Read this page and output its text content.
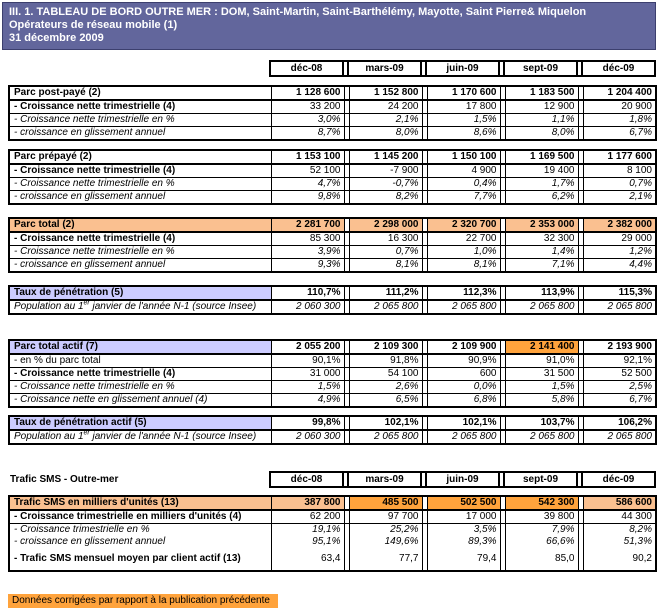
III. 1. TABLEAU DE BORD OUTRE MER : DOM, Saint-Martin, Saint-Barthélémy, Mayotte, Saint Pierre& Miquelon
Opérateurs de réseau mobile (1)
31 décembre 2009
	déc-08		mars-09		juin-09		sept-09		déc-09
Parc post-payé (2)	1 128 600		1 152 800		1 170 600		1 183 500		1 204 400
- Croissance nette trimestrielle (4)	33 200		24 200		17 800		12 900		20 900
- Croissance nette trimestrielle en %	3,0%		2,1%		1,5%		1,1%		1,8%
- croissance en glissement annuel	8,7%		8,0%		8,6%		8,0%		6,7%
Parc prépayé (2)	1 153 100		1 145 200		1 150 100		1 169 500		1 177 600
- Croissance nette trimestrielle (4)	52 100		-7 900		4 900		19 400		8 100
- Croissance nette trimestrielle en %	4,7%		-0,7%		0,4%		1,7%		0,7%
- croissance en glissement annuel	9,8%		8,2%		7,7%		6,2%		2,1%
Parc total (2)	2 281 700		2 298 000		2 320 700		2 353 000		2 382 000
- Croissance nette trimestrielle (4)	85 300		16 300		22 700		32 300		29 000
- Croissance nette trimestrielle en %	3,9%		0,7%		1,0%		1,4%		1,2%
- croissance en glissement annuel	9,3%		8,1%		8,1%		7,1%		4,4%
Taux de pénétration (5)	110,7%		111,2%		112,3%		113,9%		115,3%
Population au 1er janvier de l'année N-1 (source Insee)	2 060 300		2 065 800		2 065 800		2 065 800		2 065 800
Parc total actif (7)	2 055 200		2 109 300		2 109 900		2 141 400		2 193 900
- en % du parc total	90,1%		91,8%		90,9%		91,0%		92,1%
- Croissance nette trimestrielle (4)	31 000		54 100		600		31 500		52 500
- Croissance nette trimestrielle en %	1,5%		2,6%		0,0%		1,5%		2,5%
- Croissance nette en glissement annuel (4)	4,9%		6,5%		6,8%		5,8%		6,7%
Taux de pénétration actif (5)	99,8%		102,1%		102,1%		103,7%		106,2%
Population au 1er janvier de l'année N-1 (source Insee)	2 060 300		2 065 800		2 065 800		2 065 800		2 065 800
Trafic SMS - Outre-mer	déc-08		mars-09		juin-09		sept-09		déc-09
Trafic SMS en milliers d'unités (13)	387 800		485 500		502 500		542 300		586 600
- Croissance trimestrielle en milliers d'unités (4)	62 200		97 700		17 000		39 800		44 300
- Croissance trimestrielle en %	19,1%		25,2%		3,5%		7,9%		8,2%
- croissance en glissement annuel	95,1%		149,6%		89,3%		66,6%		51,3%
- Trafic SMS mensuel moyen par client actif (13)	63,4		77,7		79,4		85,0		90,2
Données corrigées par rapport à la publication précédente
